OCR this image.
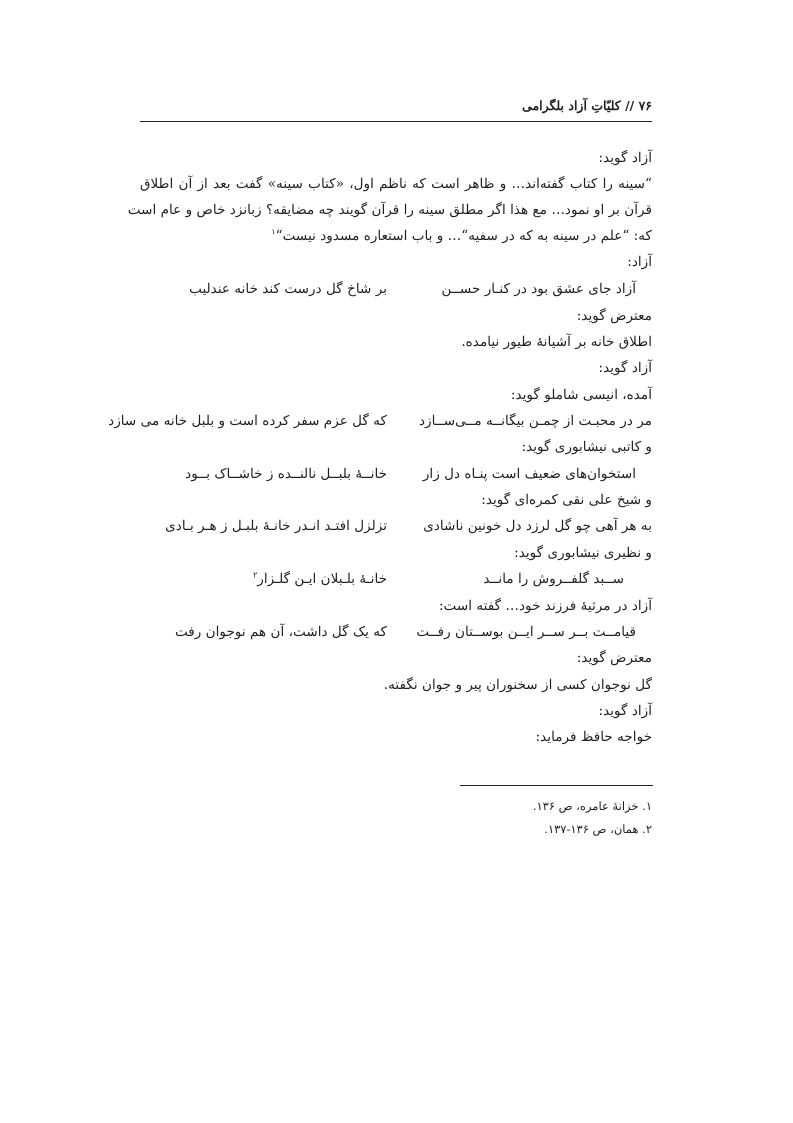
۷۶ // کلیّاتِ آزاد بلگرامی
آزاد گوید:
“سینه را کتاب گفته‌اند… و ظاهر است که ناظم اول، «کتاب سینه» گفت بعد از آن اطلاق
قرآن بر او نمود… مع هذا اگر مطلق سینه را قرآن گویند چه مضایقه؟ زبانزد خاص و عام است
که: “علم در سینه به که در سفیه“… و باب استعاره مسدود نیست“$^۱$
آزاد:
آزاد جای عشق بود در کنـار حســن
بر شاخ گل درست کند خانه عندلیب
معترض گوید:
اطلاق خانه بر آشیانهٔ طیور نیامده.
آزاد گوید:
آمده، انیسی شاملو گوید:
مر در محبـت از چمـن بیگانــه مــی‌ســازد
که گل عزم سفر کرده است و بلبل خانه می سازد
و کاتبی نیشابوری گوید:
استخوان‌های ضعیف است پنـاه دل زار
خانــهٔ بلبــل نالنــده ز خاشــاک بــود
و شیخ علی نقی کمره‌ای گوید:
به هر آهی چو گل لرزد دل خونین ناشادی
تزلزل افتـد انـدر خانـهٔ بلبـل ز هـر بـادی
و نظیری نیشابوری گوید:
ســبد گلفــروش را مانــد
خانـهٔ بلـبلان ایـن گلـزار$^۲$
آزاد در مرثیهٔ فرزند خود… گفته است:
قیامــت بــر ســر ایــن بوســتان رفــت
که یک گل داشت، آن هم نوجوان رفت
معترض گوید:
گل نوجوان کسی از سخنوران پیر و جوان نگفته.
آزاد گوید:
خواجه حافظ فرماید:
۱. خزانهٔ عامره، ص ۱۳۶.
۲. همان، ص ۱۳۶-۱۳۷.
